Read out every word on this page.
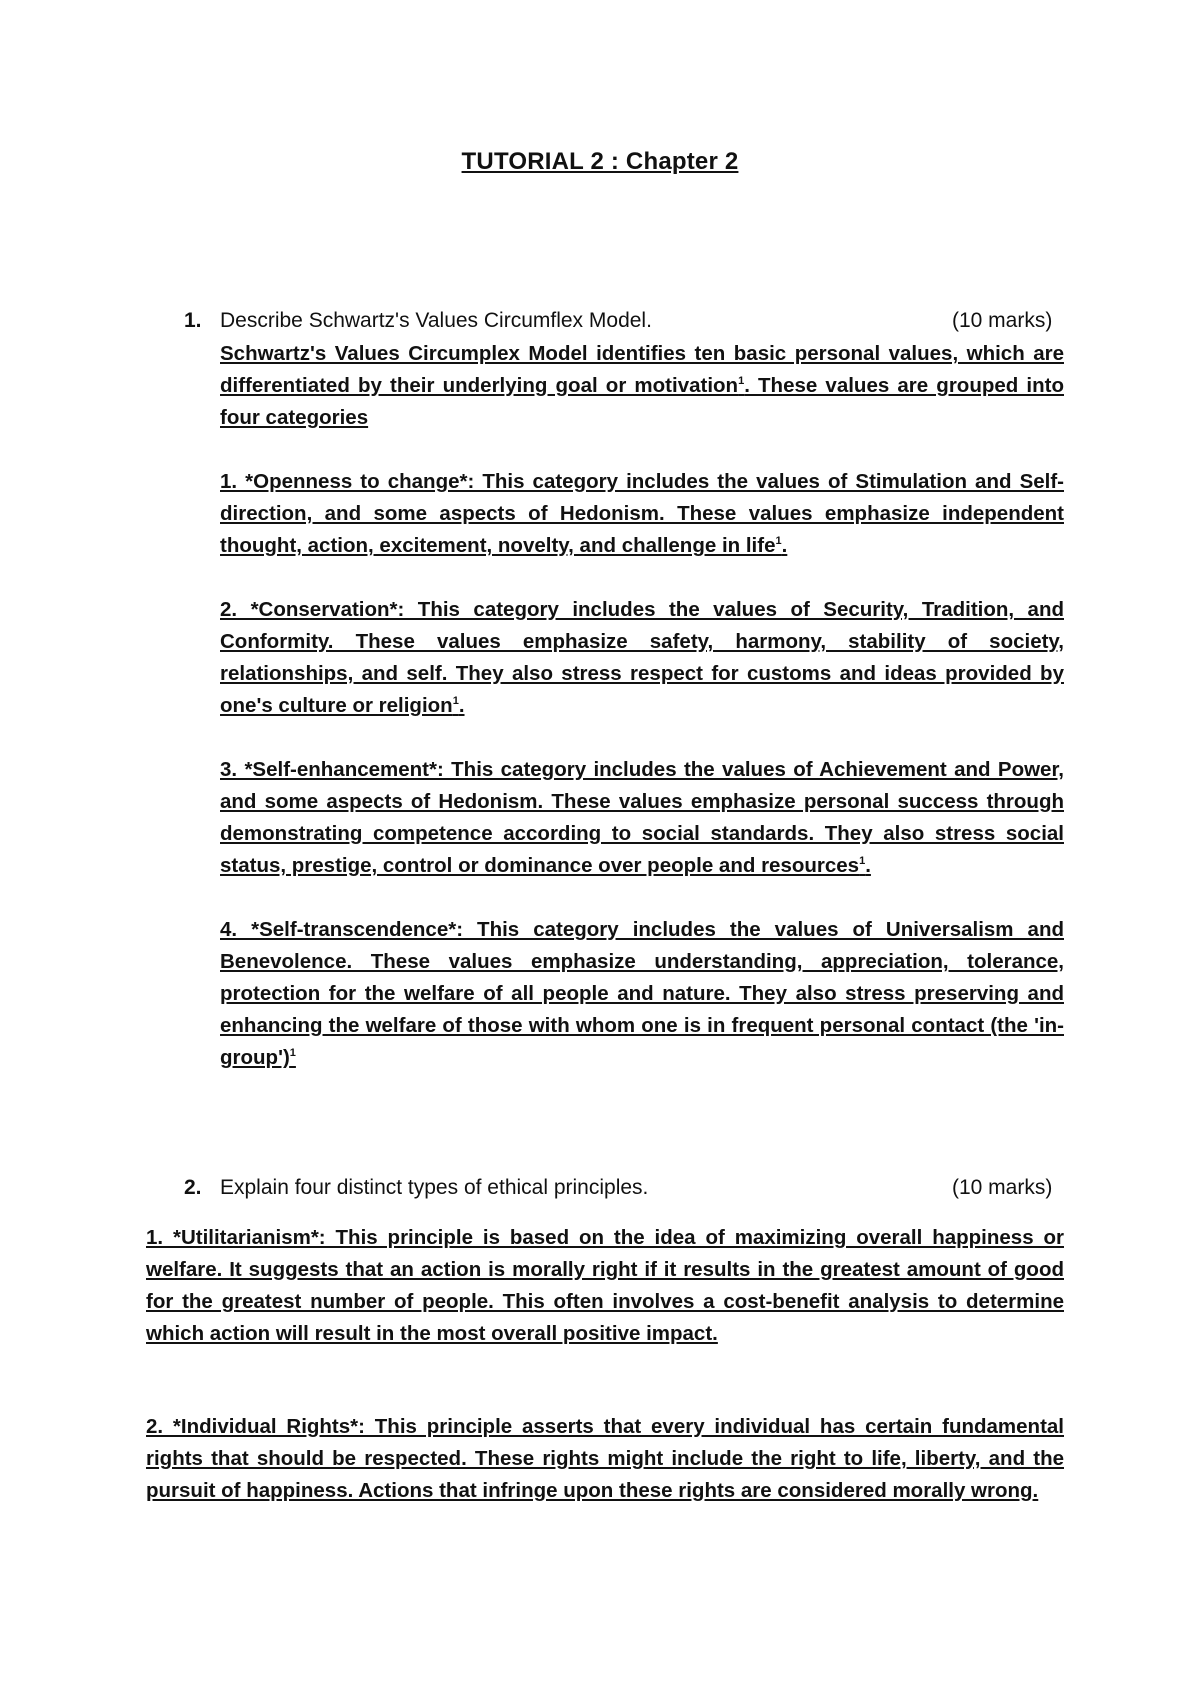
TUTORIAL 2 : Chapter 2
1. Describe Schwartz's Values Circumflex Model.	(10 marks)

Schwartz's Values Circumplex Model identifies ten basic personal values, which are differentiated by their underlying goal or motivation$^1$. These values are grouped into four categories

1. *Openness to change*: This category includes the values of Stimulation and Self-direction, and some aspects of Hedonism. These values emphasize independent thought, action, excitement, novelty, and challenge in life$^1$.

2. *Conservation*: This category includes the values of Security, Tradition, and Conformity. These values emphasize safety, harmony, stability of society, relationships, and self. They also stress respect for customs and ideas provided by one's culture or religion$^1$.

3. *Self-enhancement*: This category includes the values of Achievement and Power, and some aspects of Hedonism. These values emphasize personal success through demonstrating competence according to social standards. They also stress social status, prestige, control or dominance over people and resources$^1$.

4. *Self-transcendence*: This category includes the values of Universalism and Benevolence. These values emphasize understanding, appreciation, tolerance, protection for the welfare of all people and nature. They also stress preserving and enhancing the welfare of those with whom one is in frequent personal contact (the 'in-group')$^1$

2. Explain four distinct types of ethical principles.	(10 marks)

1. *Utilitarianism*: This principle is based on the idea of maximizing overall happiness or welfare. It suggests that an action is morally right if it results in the greatest amount of good for the greatest number of people. This often involves a cost-benefit analysis to determine which action will result in the most overall positive impact.

2. *Individual Rights*: This principle asserts that every individual has certain fundamental rights that should be respected. These rights might include the right to life, liberty, and the pursuit of happiness. Actions that infringe upon these rights are considered morally wrong.
